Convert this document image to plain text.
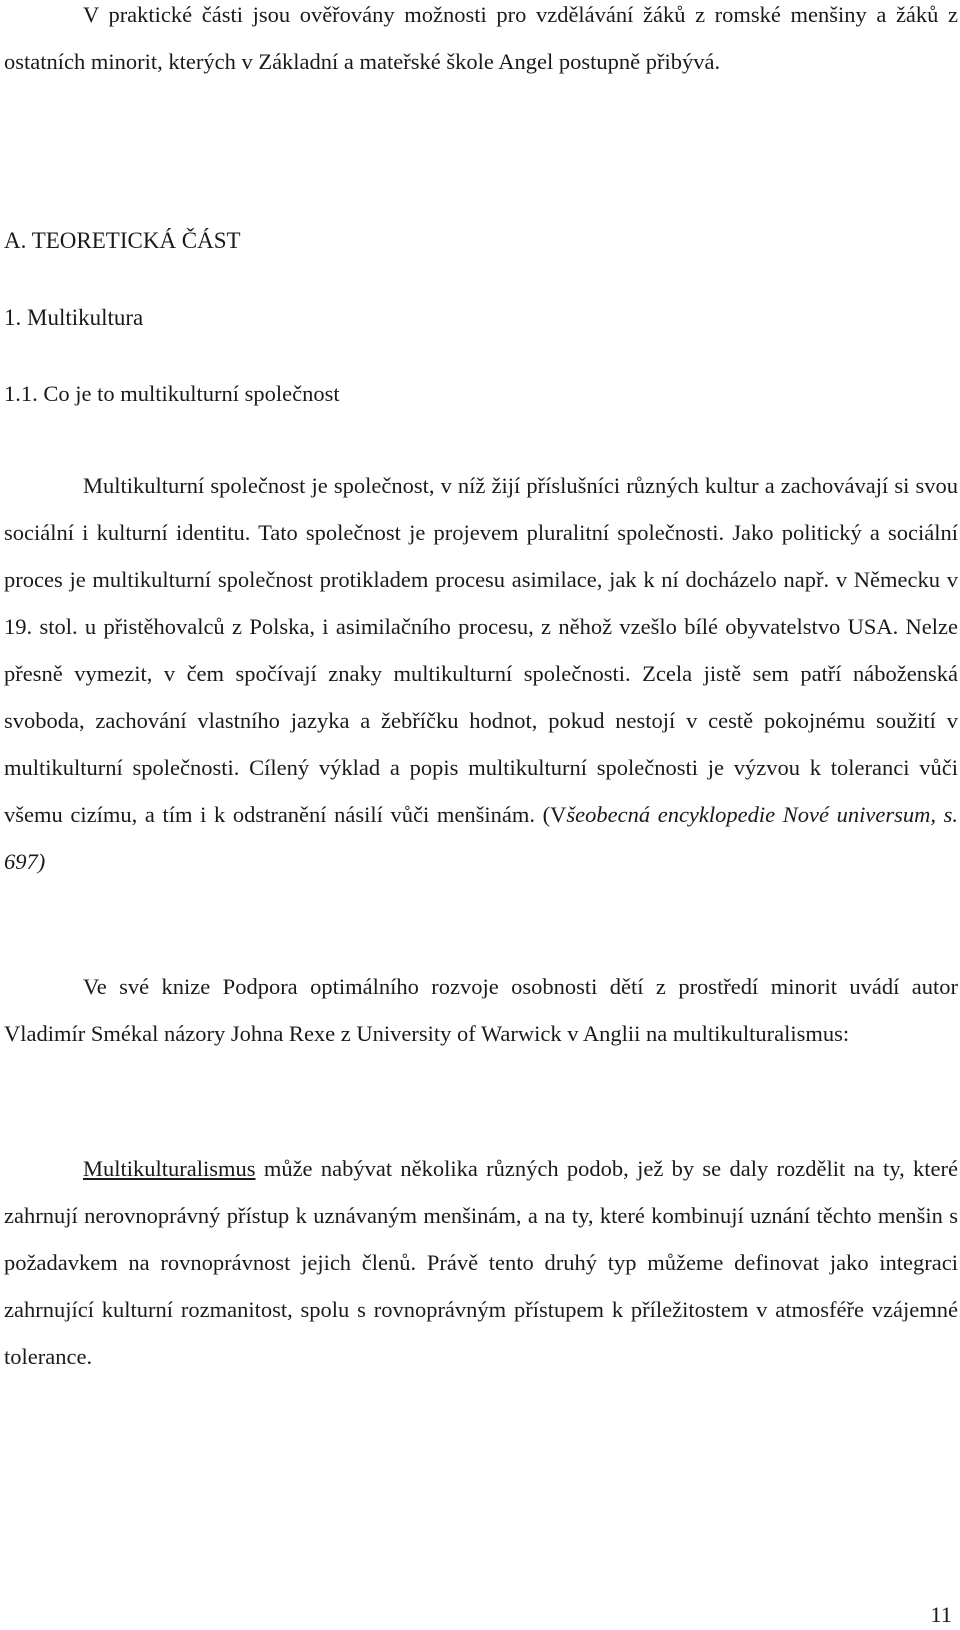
V praktické části jsou ověřovány možnosti pro vzdělávání žáků z romské menšiny a žáků z ostatních minorit, kterých v Základní a mateřské škole Angel postupně přibývá.

A. TEORETICKÁ ČÁST
1. Multikultura
1.1. Co je to multikulturní společnost

Multikulturní společnost je společnost, v níž žijí příslušníci různých kultur a zachovávají si svou sociální i kulturní identitu. Tato společnost je projevem pluralitní společnosti. Jako politický a sociální proces je multikulturní společnost protikladem procesu asimilace, jak k ní docházelo např. v Německu v 19. stol. u přistěhovalců z Polska, i asimilačního procesu, z něhož vzešlo bílé obyvatelstvo USA. Nelze přesně vymezit, v čem spočívají znaky multikulturní společnosti. Zcela jistě sem patří náboženská svoboda, zachování vlastního jazyka a žebříčku hodnot, pokud nestojí v cestě pokojnému soužití v multikulturní společnosti. Cílený výklad a popis multikulturní společnosti je výzvou k toleranci vůči všemu cizímu, a tím i k odstranění násilí vůči menšinám. (Všeobecná encyklopedie Nové universum, s. 697)

Ve své knize Podpora optimálního rozvoje osobnosti dětí z prostředí minorit uvádí autor Vladimír Smékal názory Johna Rexe z University of Warwick v Anglii na multikulturalismus:

Multikulturalismus může nabývat několika různých podob, jež by se daly rozdělit na ty, které zahrnují nerovnoprávný přístup k uznávaným menšinám, a na ty, které kombinují uznání těchto menšin s požadavkem na rovnoprávnost jejich členů. Právě tento druhý typ můžeme definovat jako integraci zahrnující kulturní rozmanitost, spolu s rovnoprávným přístupem k příležitostem v atmosféře vzájemné tolerance.

11
